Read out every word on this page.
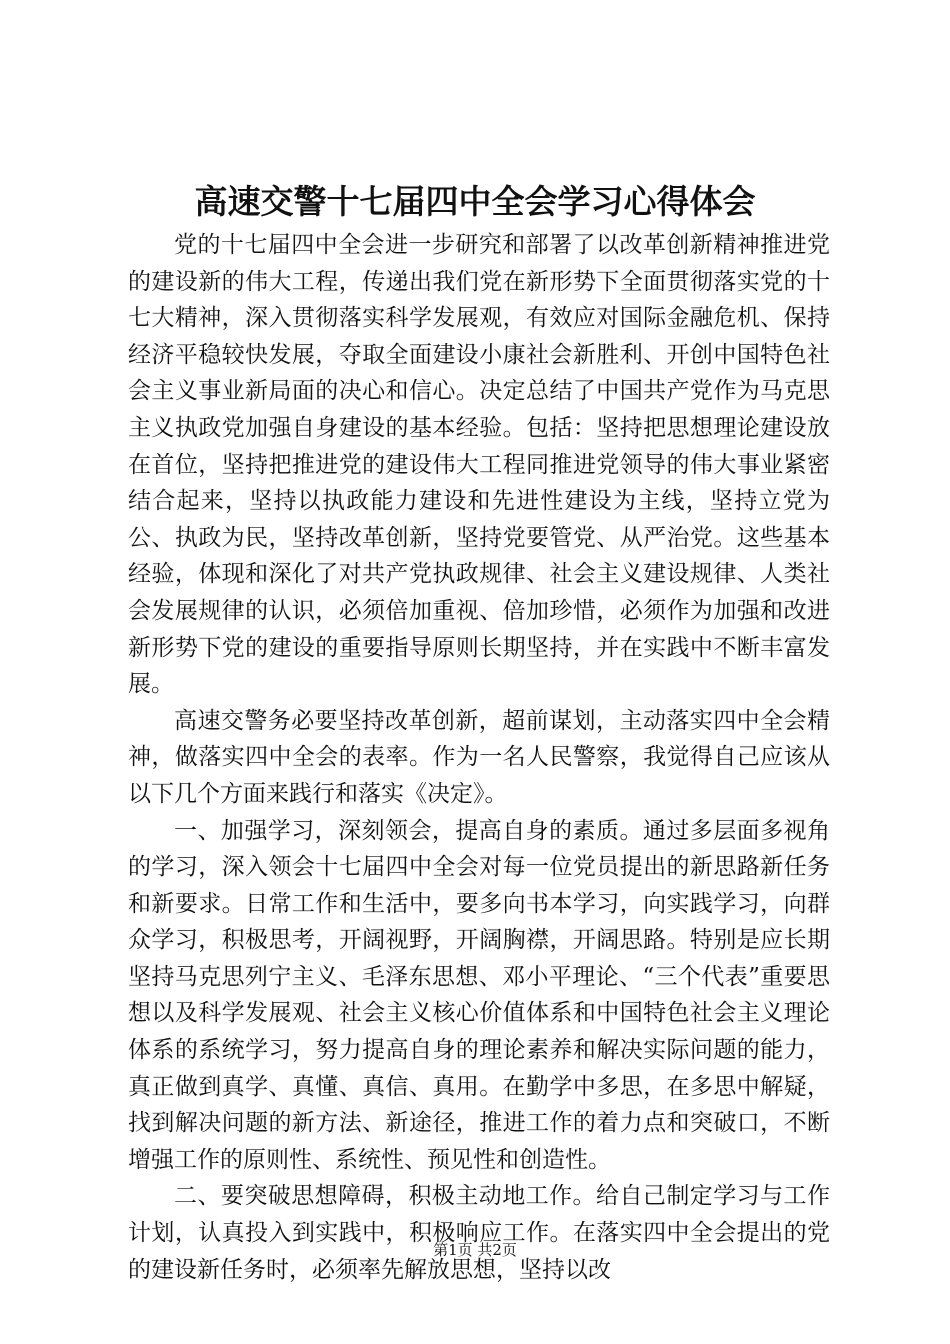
高速交警十七届四中全会学习心得体会

党的十七届四中全会进一步研究和部署了以改革创新精神推进党的建设新的伟大工程，传递出我们党在新形势下全面贯彻落实党的十七大精神，深入贯彻落实科学发展观，有效应对国际金融危机、保持经济平稳较快发展，夺取全面建设小康社会新胜利、开创中国特色社会主义事业新局面的决心和信心。决定总结了中国共产党作为马克思主义执政党加强自身建设的基本经验。包括：坚持把思想理论建设放在首位，坚持把推进党的建设伟大工程同推进党领导的伟大事业紧密结合起来，坚持以执政能力建设和先进性建设为主线，坚持立党为公、执政为民，坚持改革创新，坚持党要管党、从严治党。这些基本经验，体现和深化了对共产党执政规律、社会主义建设规律、人类社会发展规律的认识，必须倍加重视、倍加珍惜，必须作为加强和改进新形势下党的建设的重要指导原则长期坚持，并在实践中不断丰富发展。

高速交警务必要坚持改革创新，超前谋划，主动落实四中全会精神，做落实四中全会的表率。作为一名人民警察，我觉得自己应该从以下几个方面来践行和落实《决定》。

一、加强学习，深刻领会，提高自身的素质。通过多层面多视角的学习，深入领会十七届四中全会对每一位党员提出的新思路新任务和新要求。日常工作和生活中，要多向书本学习，向实践学习，向群众学习，积极思考，开阔视野，开阔胸襟，开阔思路。特别是应长期坚持马克思列宁主义、毛泽东思想、邓小平理论、“三个代表”重要思想以及科学发展观、社会主义核心价值体系和中国特色社会主义理论体系的系统学习，努力提高自身的理论素养和解决实际问题的能力，真正做到真学、真懂、真信、真用。在勤学中多思，在多思中解疑，找到解决问题的新方法、新途径，推进工作的着力点和突破口，不断增强工作的原则性、系统性、预见性和创造性。

二、要突破思想障碍，积极主动地工作。给自己制定学习与工作计划，认真投入到实践中，积极响应工作。在落实四中全会提出的党的建设新任务时，必须率先解放思想，坚持以改

第1页 共2页
